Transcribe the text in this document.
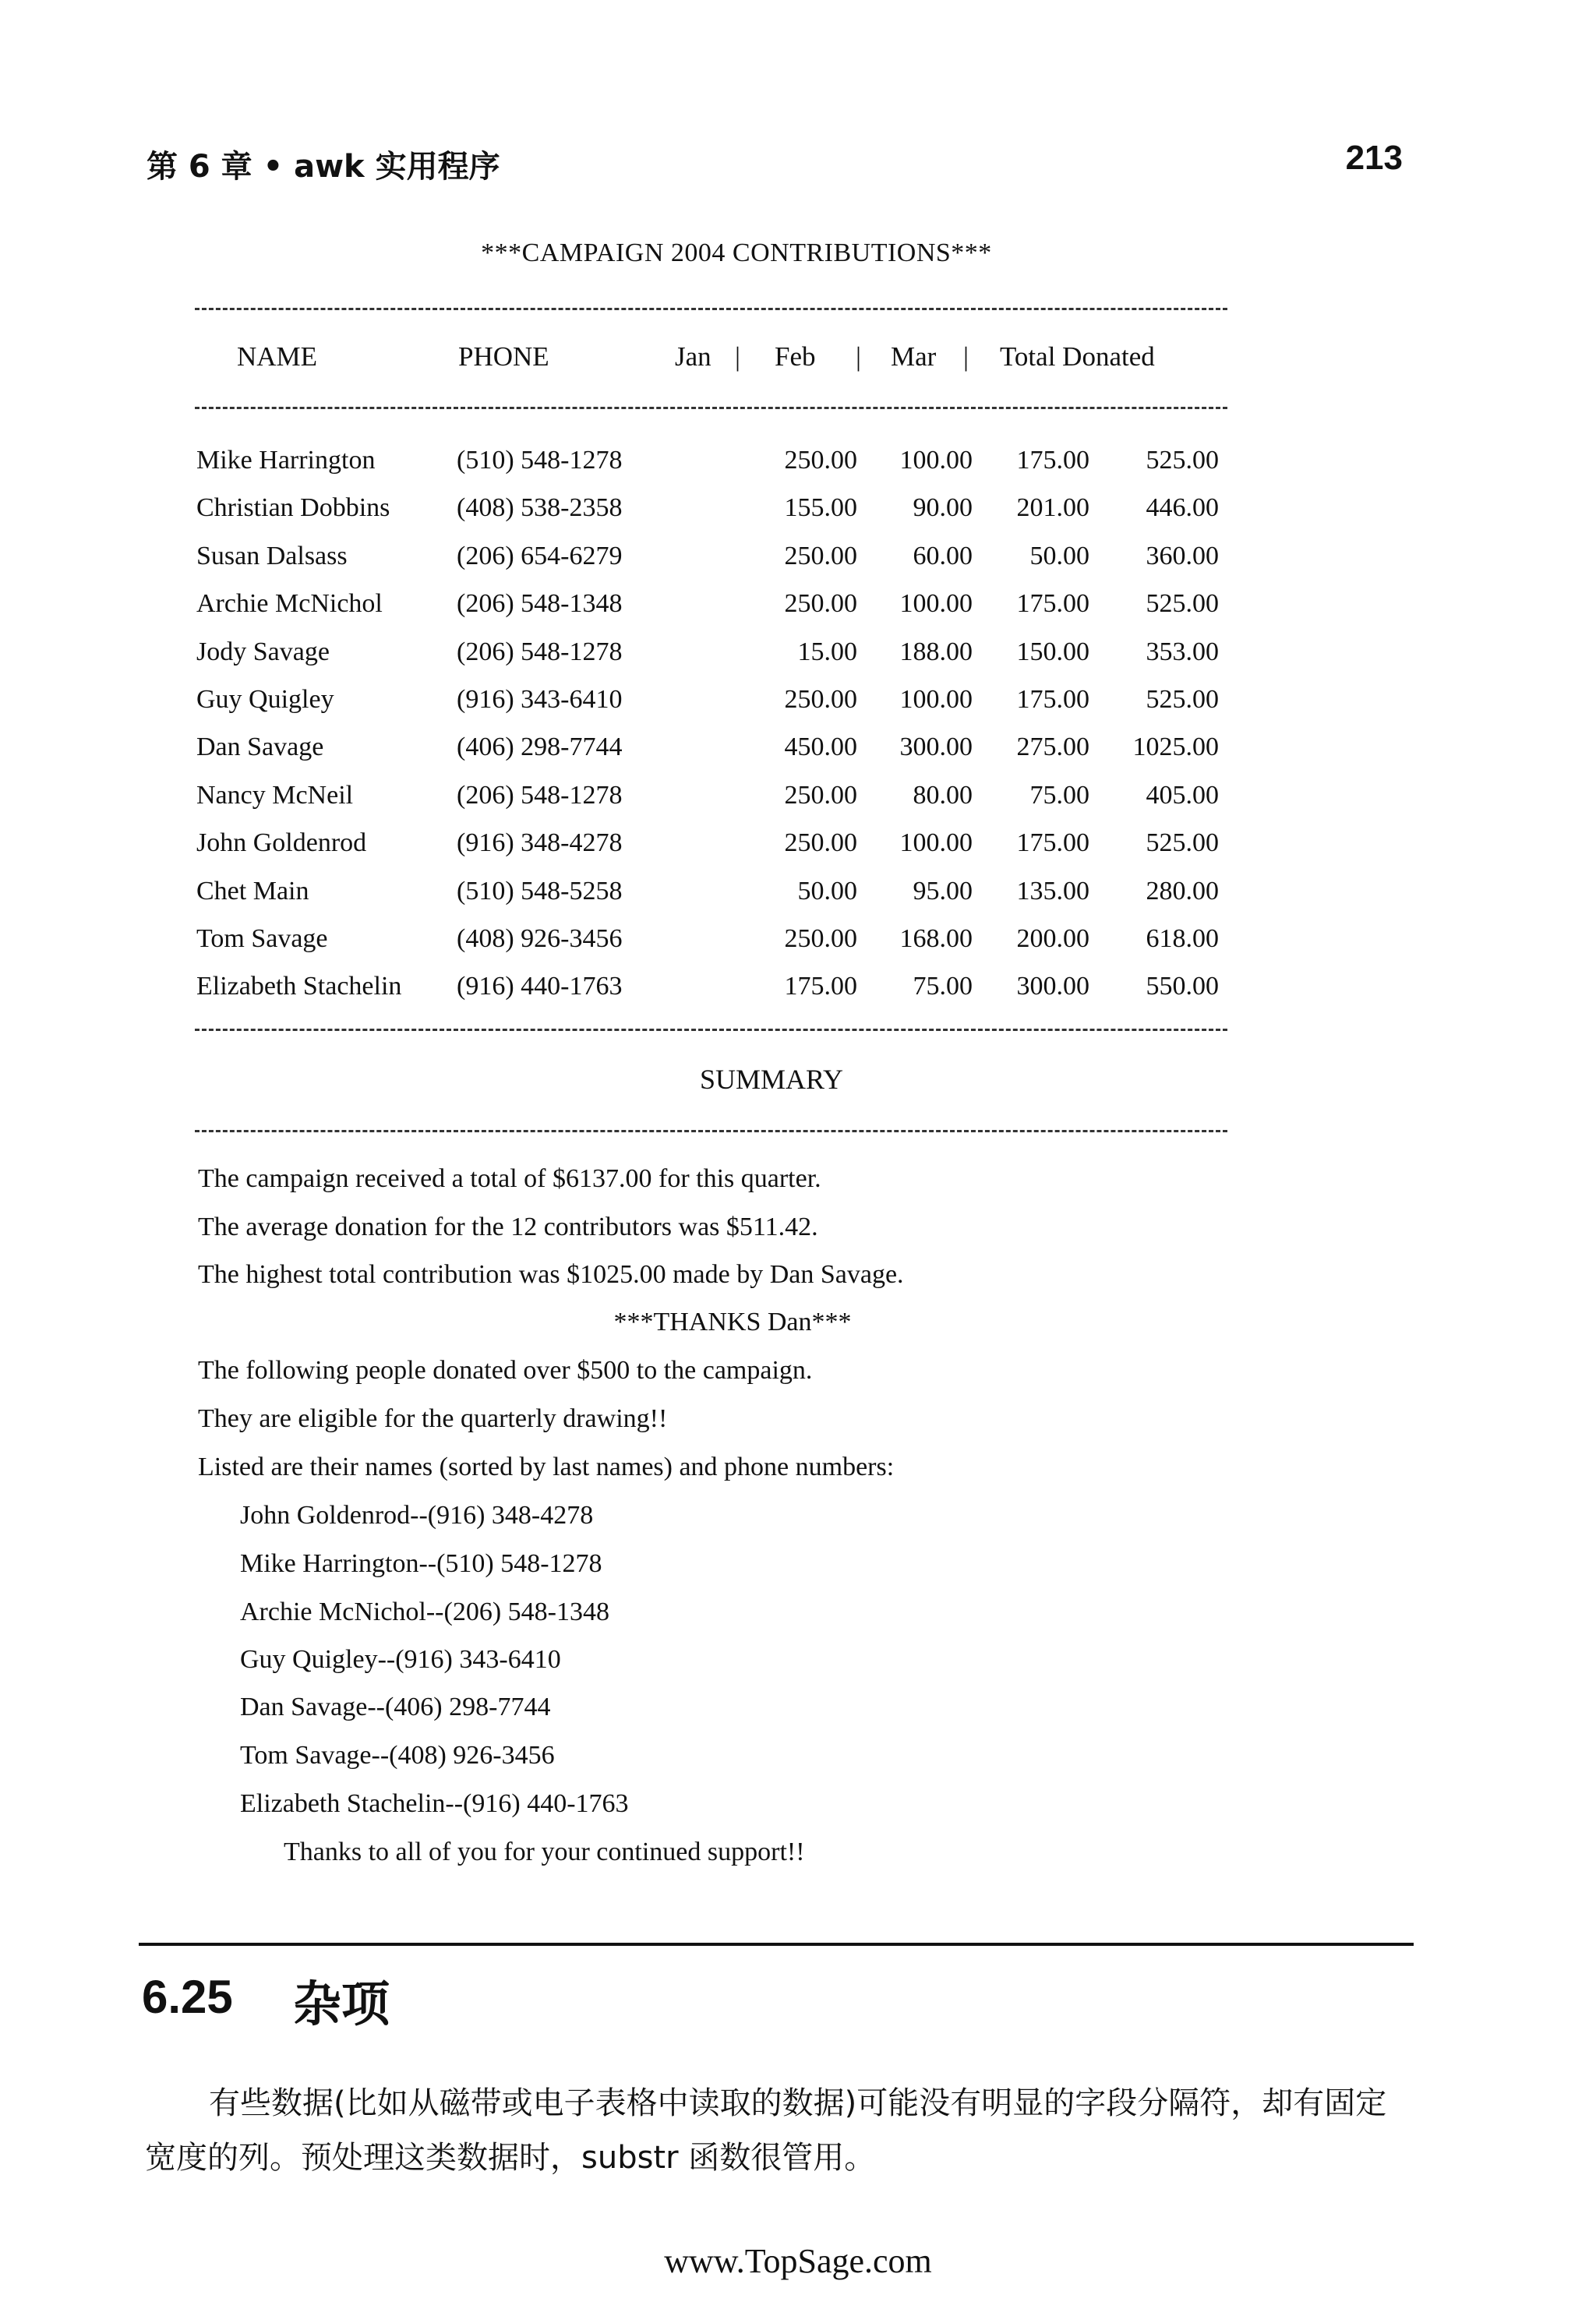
第 6 章 • awk 实用程序	213
***CAMPAIGN 2004 CONTRIBUTIONS***
NAME	PHONE	Jan | Feb | Mar | Total Donated
Mike Harrington	(510) 548-1278	250.00 100.00 175.00 525.00
Christian Dobbins	(408) 538-2358	155.00 90.00 201.00 446.00
Susan Dalsass	(206) 654-6279	250.00 60.00 50.00 360.00
Archie McNichol	(206) 548-1348	250.00 100.00 175.00 525.00
Jody Savage	(206) 548-1278	15.00 188.00 150.00 353.00
Guy Quigley	(916) 343-6410	250.00 100.00 175.00 525.00
Dan Savage	(406) 298-7744	450.00 300.00 275.00 1025.00
Nancy McNeil	(206) 548-1278	250.00 80.00 75.00 405.00
John Goldenrod	(916) 348-4278	250.00 100.00 175.00 525.00
Chet Main	(510) 548-5258	50.00 95.00 135.00 280.00
Tom Savage	(408) 926-3456	250.00 168.00 200.00 618.00
Elizabeth Stachelin (916) 440-1763	175.00 75.00 300.00 550.00
SUMMARY
The campaign received a total of $6137.00 for this quarter.
The average donation for the 12 contributors was $511.42.
The highest total contribution was $1025.00 made by Dan Savage.
***THANKS Dan***
The following people donated over $500 to the campaign.
They are eligible for the quarterly drawing!!
Listed are their names (sorted by last names) and phone numbers:
John Goldenrod--(916) 348-4278
Mike Harrington--(510) 548-1278
Archie McNichol--(206) 548-1348
Guy Quigley--(916) 343-6410
Dan Savage--(406) 298-7744
Tom Savage--(408) 926-3456
Elizabeth Stachelin--(916) 440-1763
Thanks to all of you for your continued support!!
6.25 杂项
有些数据(比如从磁带或电子表格中读取的数据)可能没有明显的字段分隔符，却有固定宽度的列。预处理这类数据时，substr 函数很管用。
www.TopSage.com
